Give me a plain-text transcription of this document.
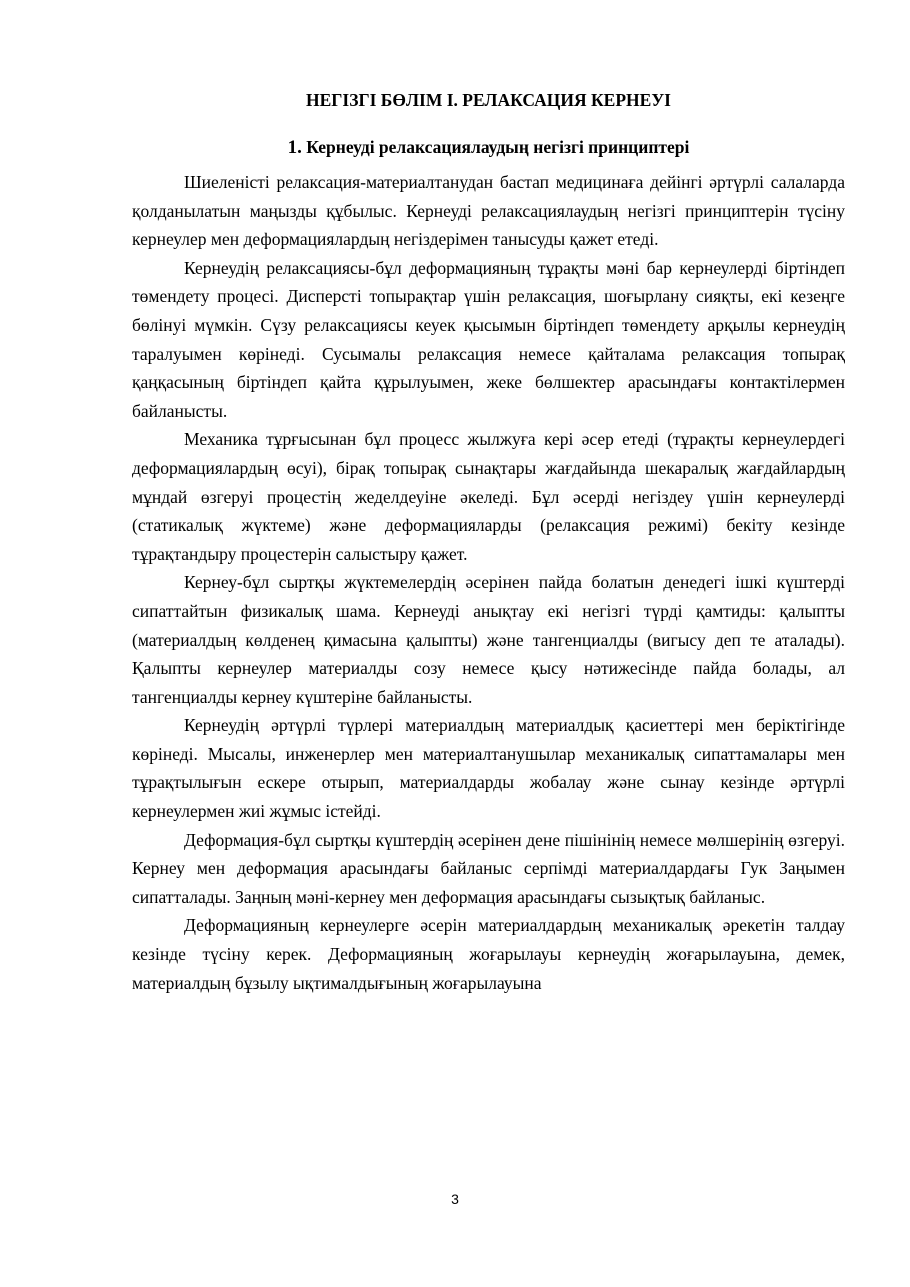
НЕГІЗГІ БӨЛІМ І. РЕЛАКСАЦИЯ КЕРНЕУІ
1. Кернеуді релаксациялаудың негізгі принциптері

Шиеленісті релаксация-материалтанудан бастап медицинаға дейінгі әртүрлі салаларда қолданылатын маңызды құбылыс. Кернеуді релаксациялаудың негізгі принциптерін түсіну кернеулер мен деформациялардың негіздерімен танысуды қажет етеді.

Кернеудің релаксациясы-бұл деформацияның тұрақты мәні бар кернеулерді біртіндеп төмендету процесі. Дисперсті топырақтар үшін релаксация, шоғырлану сияқты, екі кезеңге бөлінуі мүмкін. Сүзу релаксациясы кеуек қысымын біртіндеп төмендету арқылы кернеудің таралуымен көрінеді. Сусымалы релаксация немесе қайталама релаксация топырақ қаңқасының біртіндеп қайта құрылуымен, жеке бөлшектер арасындағы контактілермен байланысты.

Механика тұрғысынан бұл процесс жылжуға кері әсер етеді (тұрақты кернеулердегі деформациялардың өсуі), бірақ топырақ сынақтары жағдайында шекаралық жағдайлардың мұндай өзгеруі процестің жеделдеуіне әкеледі. Бұл әсерді негіздеу үшін кернеулерді (статикалық жүктеме) және деформацияларды (релаксация режимі) бекіту кезінде тұрақтандыру процестерін салыстыру қажет.

Кернеу-бұл сыртқы жүктемелердің әсерінен пайда болатын денедегі ішкі күштерді сипаттайтын физикалық шама. Кернеуді анықтау екі негізгі түрді қамтиды: қалыпты (материалдың көлденең қимасына қалыпты) және тангенциалды (вигысу деп те аталады). Қалыпты кернеулер материалды созу немесе қысу нәтижесінде пайда болады, ал тангенциалды кернеу күштеріне байланысты.

Кернеудің әртүрлі түрлері материалдың материалдық қасиеттері мен беріктігінде көрінеді. Мысалы, инженерлер мен материалтанушылар механикалық сипаттамалары мен тұрақтылығын ескере отырып, материалдарды жобалау және сынау кезінде әртүрлі кернеулермен жиі жұмыс істейді.

Деформация-бұл сыртқы күштердің әсерінен дене пішінінің немесе мөлшерінің өзгеруі. Кернеу мен деформация арасындағы байланыс серпімді материалдардағы Гук Заңымен сипатталады. Заңның мәні-кернеу мен деформация арасындағы сызықтық байланыс.

Деформацияның кернеулерге әсерін материалдардың механикалық әрекетін талдау кезінде түсіну керек. Деформацияның жоғарылауы кернеудің жоғарылауына, демек, материалдың бұзылу ықтималдығының жоғарылауына

3
